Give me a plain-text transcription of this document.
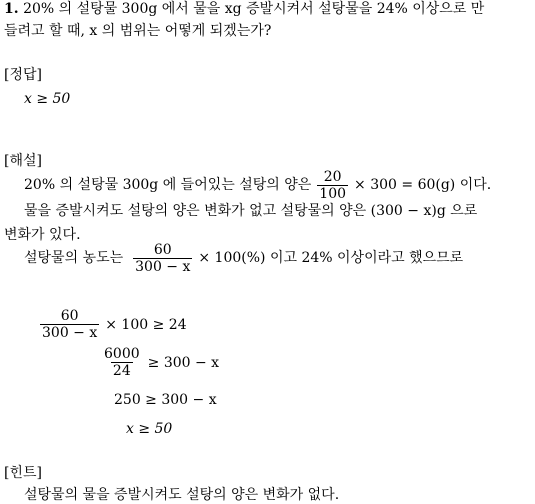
1. 20% 의 설탕물 300g 에서 물을 xg 증발시켜서 설탕물을 24% 이상으로 만
들려고 할 때, x 의 범위는 어떻게 되겠는가?
[정답]
x ≥ 50
[해설]
20% 의 설탕물 300g 에 들어있는 설탕의 양은 $\frac{20}{100} \times 300 = 60(g)$ 이다.
물을 증발시켜도 설탕의 양은 변화가 없고 설탕물의 양은 (300 − x)g 으로
변화가 있다.
설탕물의 농도는 $\frac{60}{300 - x} \times 100(\%)$ 이고 24% 이상이라고 했으므로
$\frac{60}{300 - x} \times 100 \ge 24$
$\frac{6000}{24} \ge 300 - x$
250 ≥ 300 − x
x ≥ 50
[힌트]
설탕물의 물을 증발시켜도 설탕의 양은 변화가 없다.
